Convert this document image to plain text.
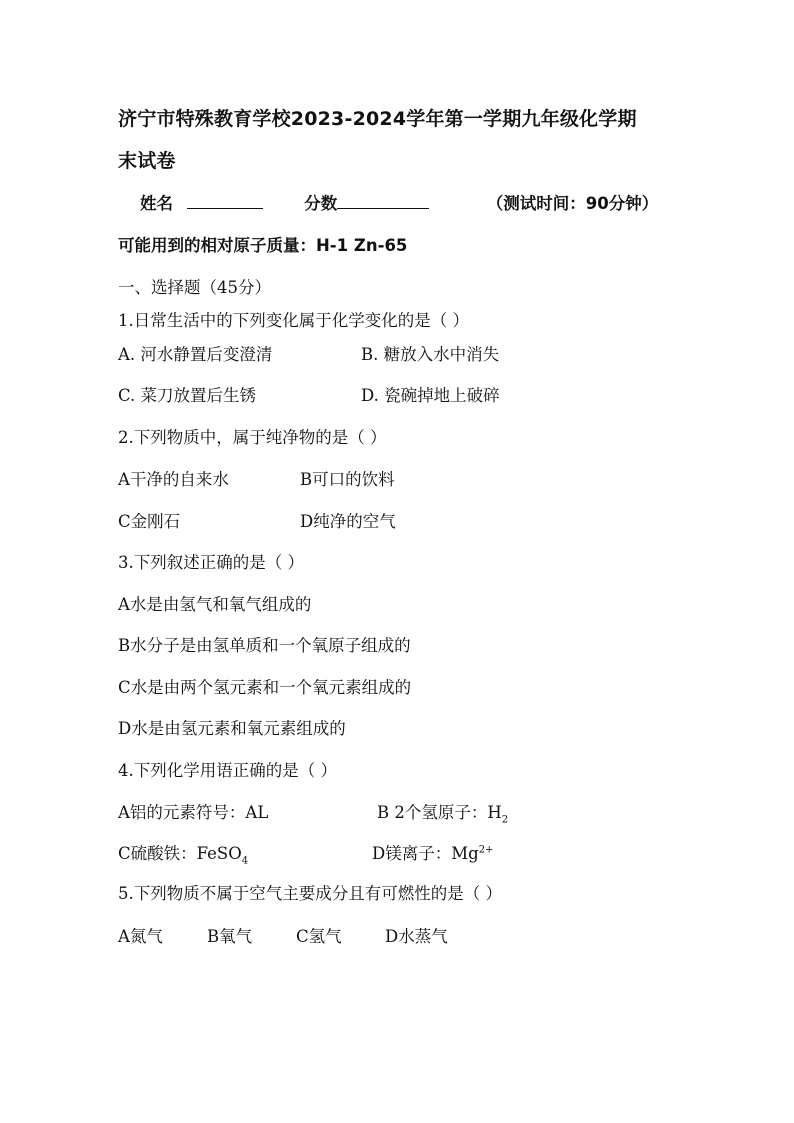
济宁市特殊教育学校2023-2024学年第一学期九年级化学期
末试卷
姓名	分数	（测试时间：90分钟）
可能用到的相对原子质量：H-1 Zn-65
一、选择题（45分）
1.日常生活中的下列变化属于化学变化的是（ ）
A. 河水静置后变澄清	B. 糖放入水中消失
C. 菜刀放置后生锈	D. 瓷碗掉地上破碎
2.下列物质中，属于纯净物的是（ ）
A干净的自来水	B可口的饮料
C金刚石	D纯净的空气
3.下列叙述正确的是（ ）
A水是由氢气和氧气组成的
B水分子是由氢单质和一个氧原子组成的
C水是由两个氢元素和一个氧元素组成的
D水是由氢元素和氧元素组成的
4.下列化学用语正确的是（ ）
A铝的元素符号：AL	B 2个氢原子：$H_2$
C硫酸铁：FeSO$_4$	D镁离子：$Mg^{2+}$
5.下列物质不属于空气主要成分且有可燃性的是（ ）
A氮气	B氧气	C氢气	D水蒸气
